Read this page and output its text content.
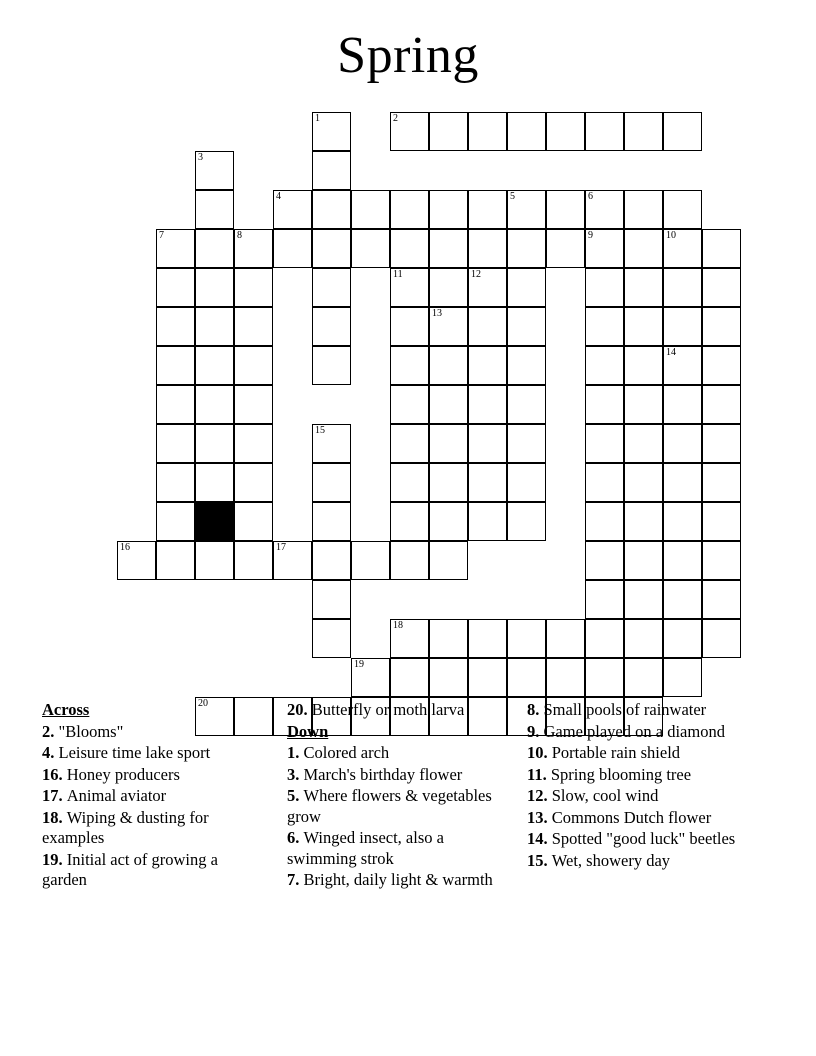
Spring
1	2
3
4	5	6
7	8	9	10
11	12
13
14
15
16	17
18
19
20
Across
2. "Blooms"
4. Leisure time lake sport
16. Honey producers
17. Animal aviator
18. Wiping & dusting for examples
19. Initial act of growing a garden
20. Butterfly or moth larva
Down
1. Colored arch
3. March's birthday flower
5. Where flowers & vegetables grow
6. Winged insect, also a swimming strok
7. Bright, daily light & warmth
8. Small pools of rainwater
9. Game played on a diamond
10. Portable rain shield
11. Spring blooming tree
12. Slow, cool wind
13. Commons Dutch flower
14. Spotted "good luck" beetles
15. Wet, showery day
